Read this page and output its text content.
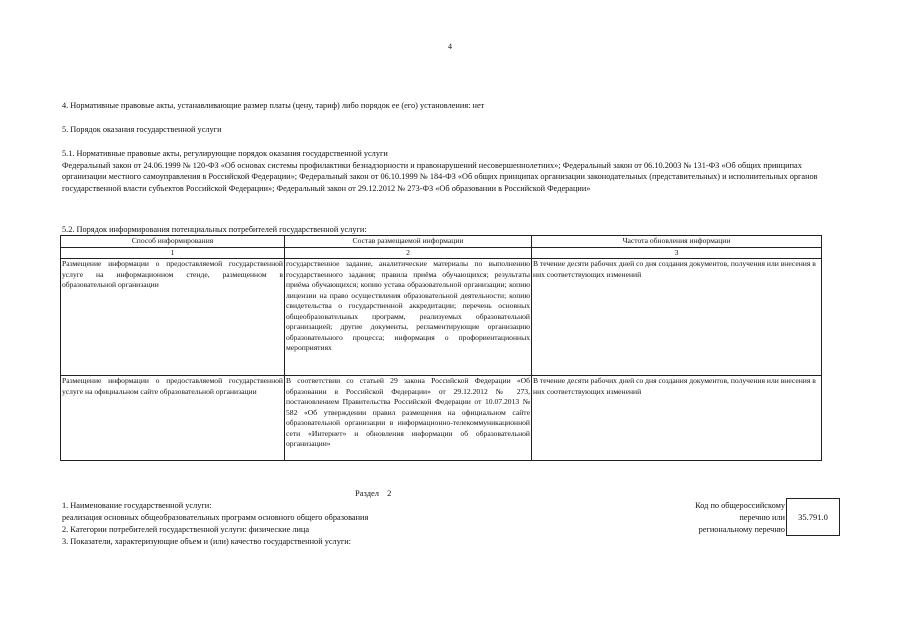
4
4. Нормативные правовые акты, устанавливающие размер платы (цену, тариф) либо порядок ее (его) установления: нет
5. Порядок оказания государственной услуги
5.1. Нормативные правовые акты, регулирующие порядок оказания государственной услуги
Федеральный закон от 24.06.1999 № 120-ФЗ «Об основах системы профилактики безнадзорности и правонарушений несовершеннолетних»; Федеральный закон от 06.10.2003 № 131-ФЗ «Об общих принципах организации местного самоуправления в Российской Федерации»; Федеральный закон от 06.10.1999 № 184-ФЗ «Об общих принципах организации законодательных (представительных) и исполнительных органов государственной власти субъектов Российской Федерации»; Федеральный закон от 29.12.2012 № 273-ФЗ «Об образовании в Российской Федерации»
5.2. Порядок информирования потенциальных потребителей государственной услуги:
Способ информирования	Состав размещаемой информации	Частота обновления информации
1	2	3
Размещение информации о предоставляемой государственной услуге на информационном стенде, размещенном в образовательной организации	государственное задание, аналитические материалы по выполнению государственного задания; правила приёма обучающихся; результаты приёма обучающихся; копию устава образовательной организации; копию лицензии на право осуществления образовательной деятельности; копию свидетельства о государственной аккредитации; перечень основных общеобразовательных программ, реализуемых образовательной организацией; другие документы, регламентирующие организацию образовательного процесса; информация о профориентационных мероприятиях	В течение десяти рабочих дней со дня создания документов, получения или внесения в них соответствующих изменений
Размещение информации о предоставляемой государственной услуге на официальном сайте образовательной организации	В соответствии со статьей 29 закона Российской Федерации «Об образовании в Российской Федерации» от 29.12.2012 № 273, постановлением Правительства Российской Федерации от 10.07.2013 № 582 «Об утверждении правил размещения на официальном сайте образовательной организации в информационно-телекоммуникационной сети «Интернет» и обновления информации об образовательной организации»	В течение десяти рабочих дней со дня создания документов, получения или внесения в них соответствующих изменений
Раздел 2
1. Наименование государственной услуги:
реализация основных общеобразовательных программ основного общего образования
2. Категории потребителей государственной услуги: физические лица
3. Показатели, характеризующие объем и (или) качество государственной услуги:
Код по общероссийскому
перечню или
региональному перечню
35.791.0
